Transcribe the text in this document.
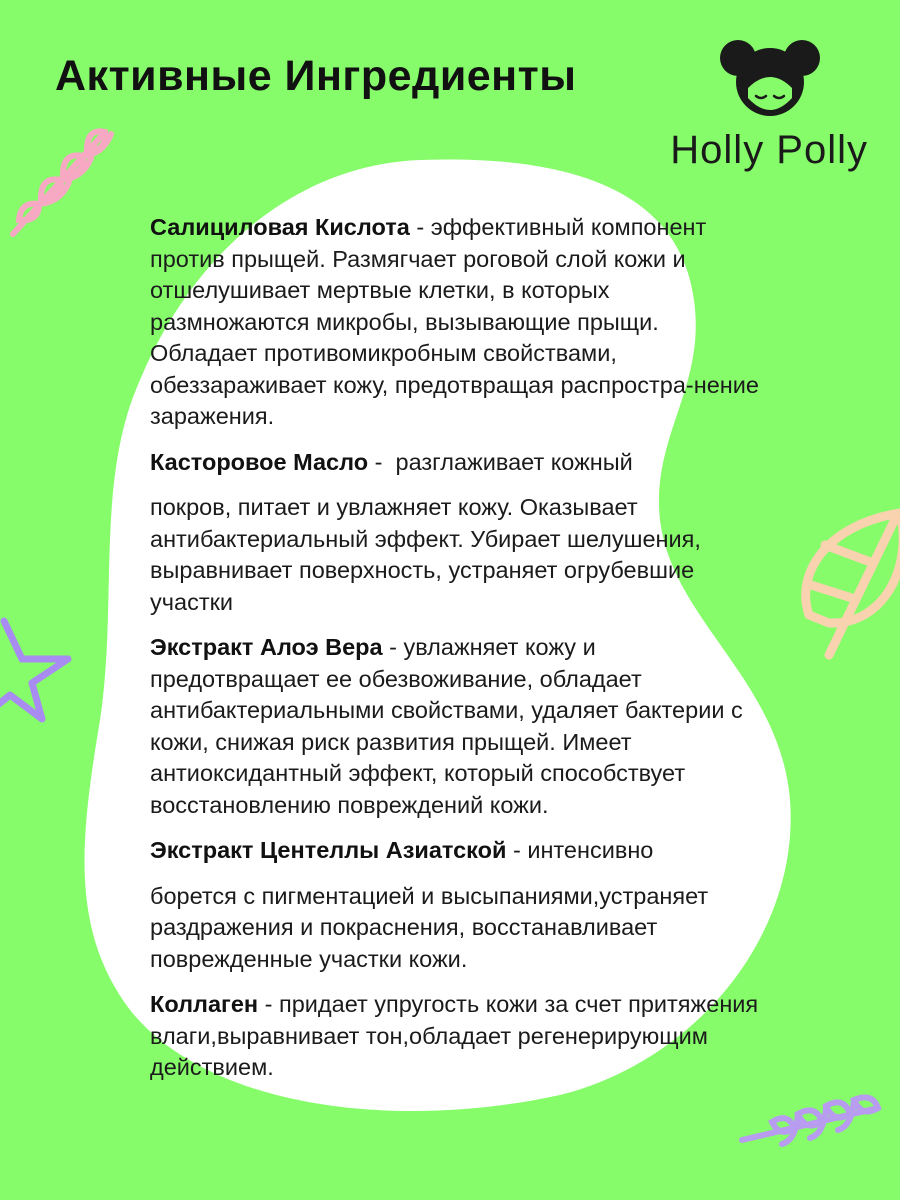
Активные Ингредиенты
Holly Polly

Салициловая Кислота - эффективный компонент против прыщей. Размягчает роговой слой кожи и отшелушивает мертвые клетки, в которых размножаются микробы, вызывающие прыщи. Обладает противомикробным свойствами, обеззараживает кожу, предотвращая распростра-нение заражения.

Касторовое Масло -  разглаживает кожный
покров, питает и увлажняет кожу. Оказывает антибактериальный эффект. Убирает шелушения, выравнивает поверхность, устраняет огрубевшие участки

Экстракт Алоэ Вера - увлажняет кожу и предотвращает ее обезвоживание, обладает антибактериальными свойствами, удаляет бактерии с кожи, снижая риск развития прыщей. Имеет антиоксидантный эффект, который способствует восстановлению повреждений кожи.

Экстракт Центеллы Азиатской - интенсивно
борется с пигментацией и высыпаниями,устраняет раздражения и покраснения, восстанавливает поврежденные участки кожи.

Коллаген - придает упругость кожи за счет притяжения влаги,выравнивает тон,обладает регенерирующим действием.
